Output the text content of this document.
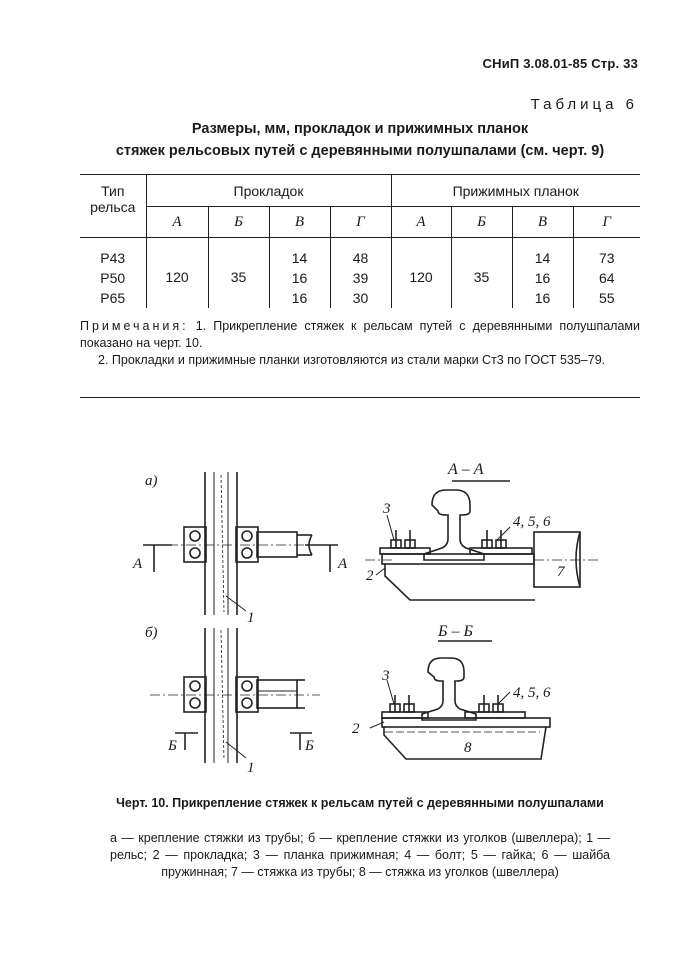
СНиП 3.08.01-85 Стр. 33
Таблица 6
Размеры, мм, прокладок и прижимных планок
стяжек рельсовых путей с деревянными полушпалами (см. черт. 9)
Тип рельса	Прокладок				Прижимных планок			
	А	Б	В	Г	А	Б	В	Г
Р43	120	35	14	48	120	35	14	73
Р50			16	39			16	64
Р65			16	30			16	55
Примечания: 1. Прикрепление стяжек к рельсам путей с деревянными полушпалами показано на черт. 10.
2. Прокладки и прижимные планки изготовляются из стали марки Ст3 по ГОСТ 535–79.
а)
б)
А – А
Б – Б
А	А
Б	Б
1
1
3
3
4, 5, 6
4, 5, 6
2
2
7
8
Черт. 10. Прикрепление стяжек к рельсам путей с деревянными полушпалами
а — крепление стяжки из трубы; б — крепление стяжки из уголков (швеллера); 1 — рельс; 2 — прокладка; 3 — планка прижимная; 4 — болт; 5 — гайка; 6 — шайба пружинная; 7 — стяжка из трубы; 8 — стяжка из уголков (швеллера)
